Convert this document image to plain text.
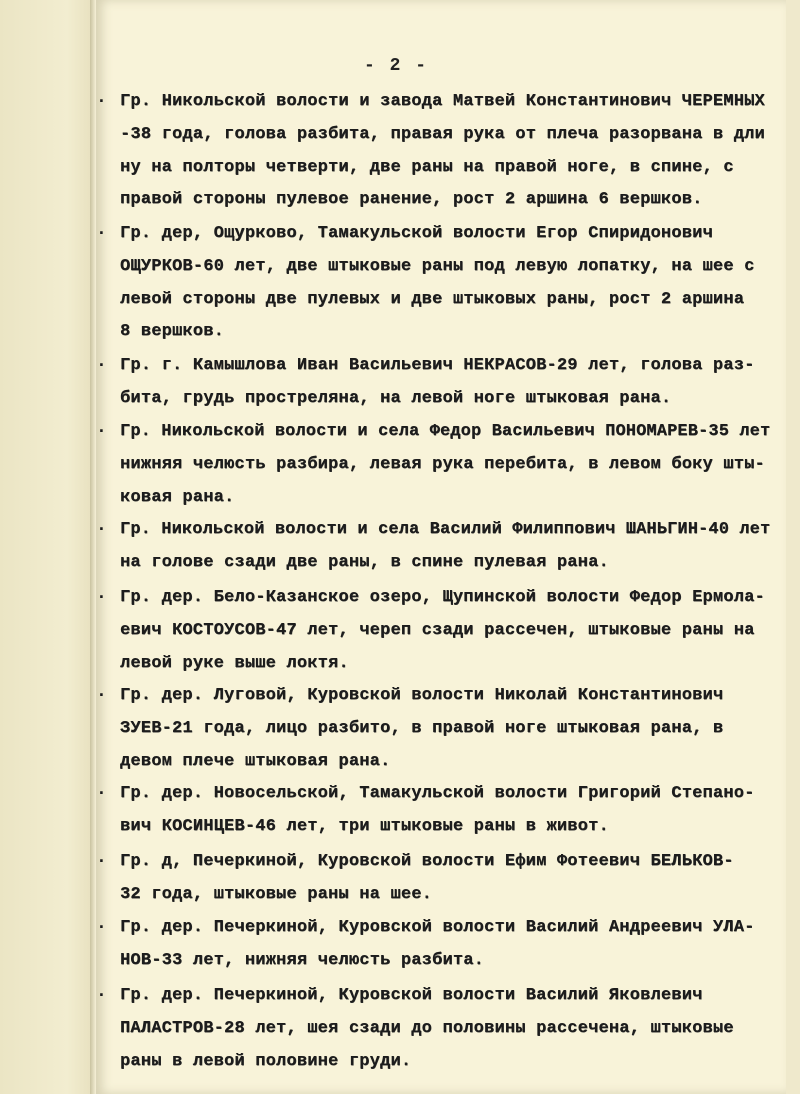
- 2 -
. Гр. Никольской волости и завода Матвей Константинович ЧЕРЕМНЫХ
-38 года, голова разбита, правая рука от плеча разорвана в дли
ну на полторы четверти, две раны на правой ноге, в спине, с
правой стороны пулевое ранение, рост 2 аршина 6 вершков.
. Гр. дер, Ощурково, Тамакульской волости Егор Спиридонович
ОЩУРКОВ-60 лет, две штыковые раны под левую лопатку, на шее с
левой стороны две пулевых и две штыковых раны, рост 2 аршина
8 вершков.
. Гр. г. Камышлова Иван Васильевич НЕКРАСОВ-29 лет, голова раз-
бита, грудь простреляна, на левой ноге штыковая рана.
. Гр. Никольской волости и села Федор Васильевич ПОНОМАРЕВ-35 лет
нижняя челюсть разбира, левая рука перебита, в левом боку шты-
ковая рана.
. Гр. Никольской волости и села Василий Филиппович ШАНЬГИН-40 лет
на голове сзади две раны, в спине пулевая рана.
. Гр. дер. Бело-Казанское озеро, Щупинской волости Федор Ермола-
евич КОСТОУСОВ-47 лет, череп сзади рассечен, штыковые раны на
левой руке выше локтя.
. Гр. дер. Луговой, Куровской волости Николай Константинович
ЗУЕВ-21 года, лицо разбито, в правой ноге штыковая рана, в
девом плече штыковая рана.
. Гр. дер. Новосельской, Тамакульской волости Григорий Степано-
вич КОСИНЦЕВ-46 лет, три штыковые раны в живот.
. Гр. д, Печеркиной, Куровской волости Ефим Фотеевич БЕЛЬКОВ-
32 года, штыковые раны на шее.
. Гр. дер. Печеркиной, Куровской волости Василий Андреевич УЛА-
НОВ-33 лет, нижняя челюсть разбита.
. Гр. дер. Печеркиной, Куровской волости Василий Яковлевич
ПАЛАСТРОВ-28 лет, шея сзади до половины рассечена, штыковые
раны в левой половине груди.
